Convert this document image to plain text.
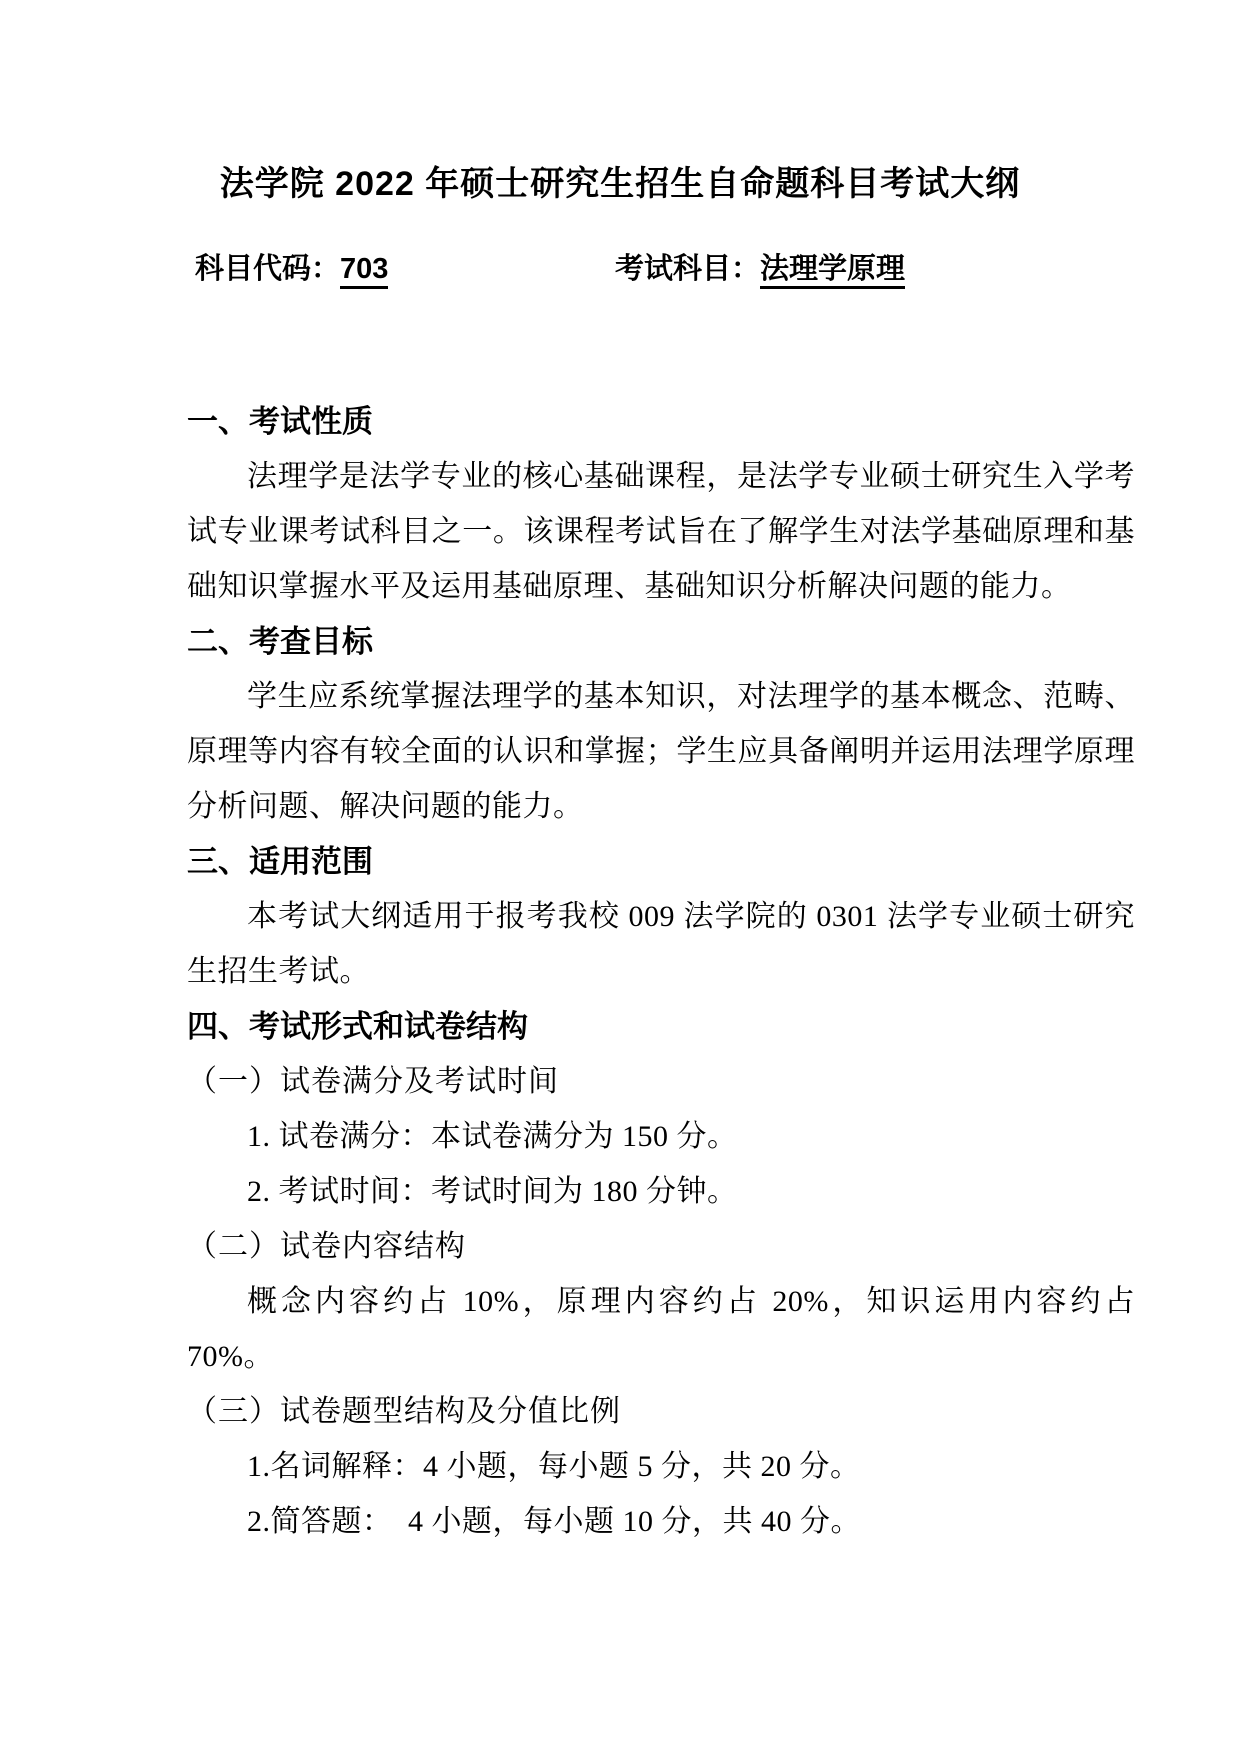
法学院 2022 年硕士研究生招生自命题科目考试大纲
科目代码：703	考试科目：法理学原理
一、考试性质

法理学是法学专业的核心基础课程，是法学专业硕士研究生入学考试专业课考试科目之一。该课程考试旨在了解学生对法学基础原理和基础知识掌握水平及运用基础原理、基础知识分析解决问题的能力。

二、考查目标

学生应系统掌握法理学的基本知识，对法理学的基本概念、范畴、原理等内容有较全面的认识和掌握；学生应具备阐明并运用法理学原理分析问题、解决问题的能力。

三、适用范围

本考试大纲适用于报考我校 009 法学院的 0301 法学专业硕士研究生招生考试。

四、考试形式和试卷结构
（一）试卷满分及考试时间
1. 试卷满分：本试卷满分为 150 分。
2. 考试时间：考试时间为 180 分钟。
（二）试卷内容结构

概念内容约占 10%，原理内容约占 20%，知识运用内容约占 70%。

（三）试卷题型结构及分值比例
1.名词解释：4 小题，每小题 5 分，共 20 分。
2.简答题：　4 小题，每小题 10 分，共 40 分。
